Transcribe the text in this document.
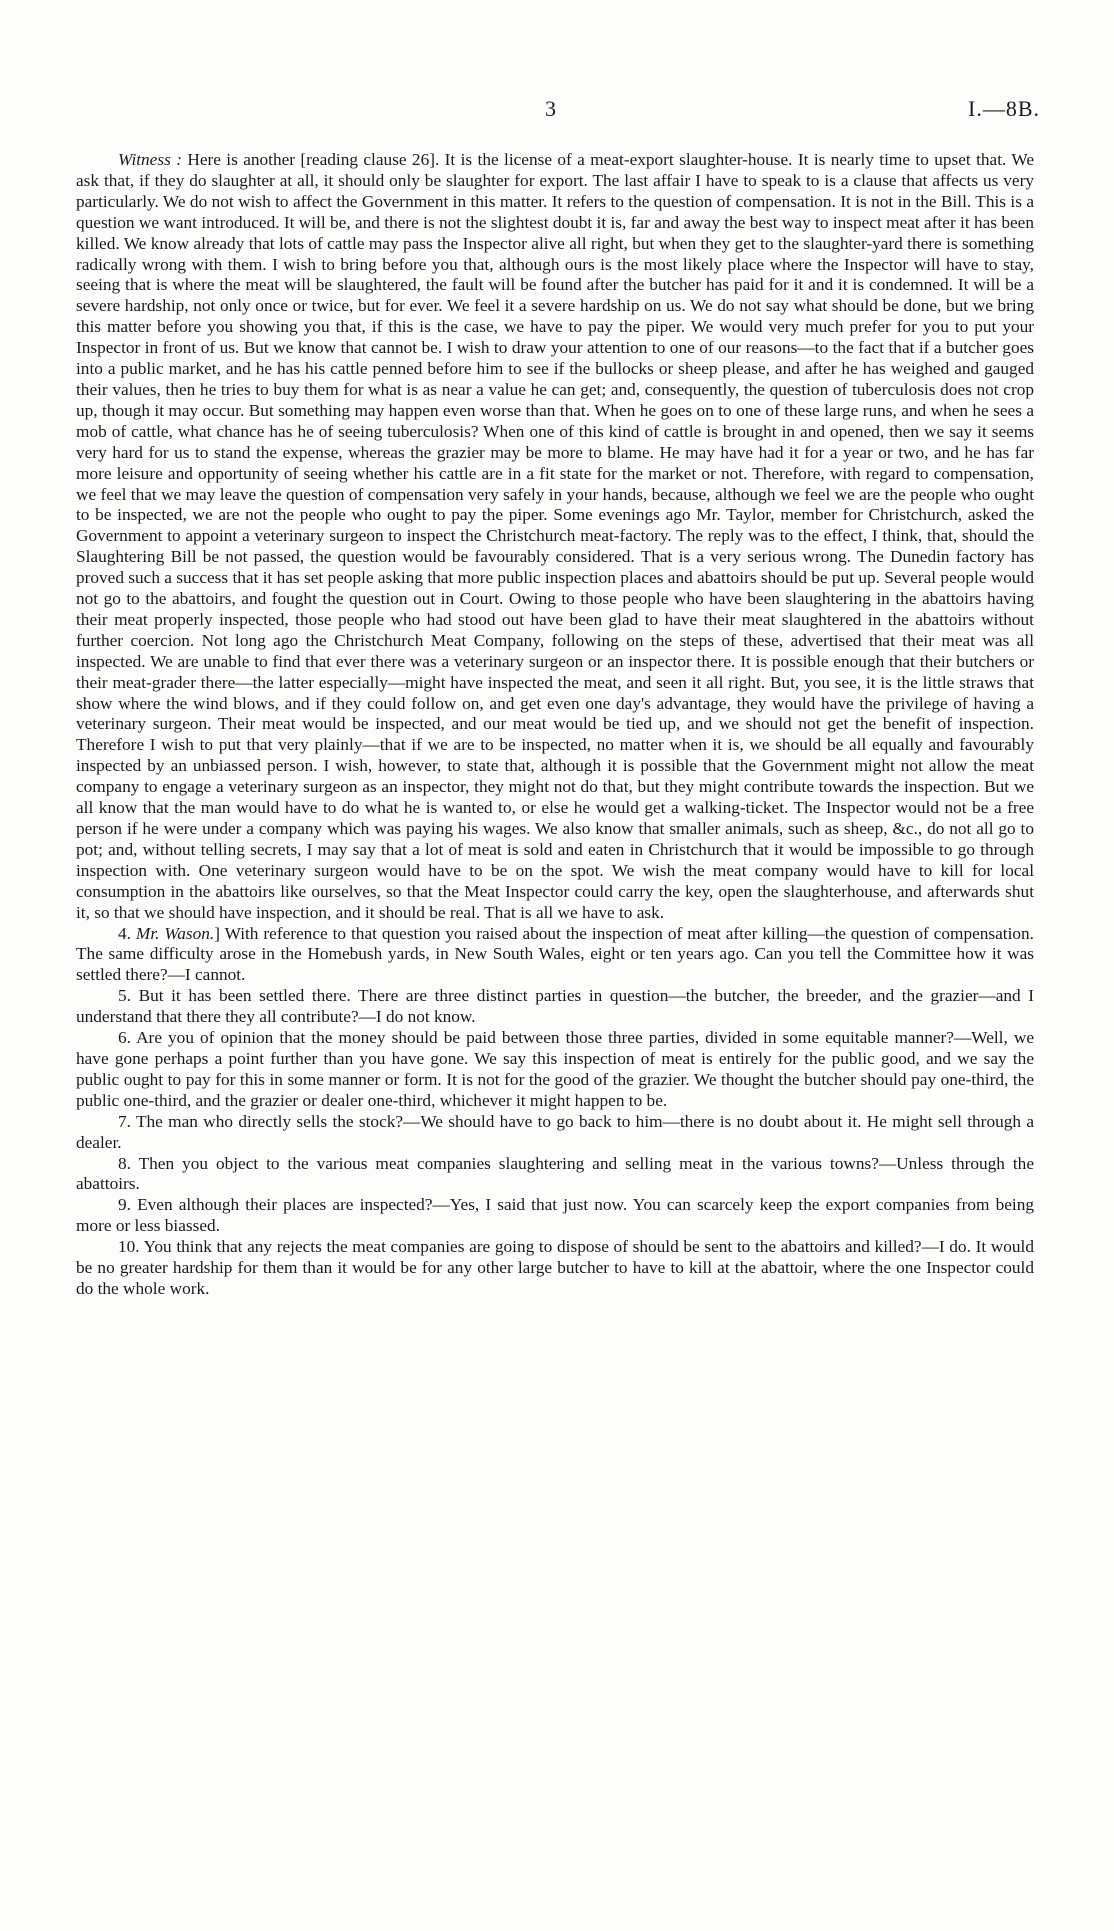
3	I.—8B.

Witness : Here is another [reading clause 26]. It is the license of a meat-export slaughter-house. It is nearly time to upset that. We ask that, if they do slaughter at all, it should only be slaughter for export. The last affair I have to speak to is a clause that affects us very particularly. We do not wish to affect the Government in this matter. It refers to the question of compensation. It is not in the Bill. This is a question we want introduced. It will be, and there is not the slightest doubt it is, far and away the best way to inspect meat after it has been killed. We know already that lots of cattle may pass the Inspector alive all right, but when they get to the slaughter-yard there is something radically wrong with them. I wish to bring before you that, although ours is the most likely place where the Inspector will have to stay, seeing that is where the meat will be slaughtered, the fault will be found after the butcher has paid for it and it is condemned. It will be a severe hardship, not only once or twice, but for ever. We feel it a severe hardship on us. We do not say what should be done, but we bring this matter before you showing you that, if this is the case, we have to pay the piper. We would very much prefer for you to put your Inspector in front of us. But we know that cannot be. I wish to draw your attention to one of our reasons—to the fact that if a butcher goes into a public market, and he has his cattle penned before him to see if the bullocks or sheep please, and after he has weighed and gauged their values, then he tries to buy them for what is as near a value he can get; and, consequently, the question of tuberculosis does not crop up, though it may occur. But something may happen even worse than that. When he goes on to one of these large runs, and when he sees a mob of cattle, what chance has he of seeing tuberculosis? When one of this kind of cattle is brought in and opened, then we say it seems very hard for us to stand the expense, whereas the grazier may be more to blame. He may have had it for a year or two, and he has far more leisure and opportunity of seeing whether his cattle are in a fit state for the market or not. Therefore, with regard to compensation, we feel that we may leave the question of compensation very safely in your hands, because, although we feel we are the people who ought to be inspected, we are not the people who ought to pay the piper. Some evenings ago Mr. Taylor, member for Christchurch, asked the Government to appoint a veterinary surgeon to inspect the Christchurch meat-factory. The reply was to the effect, I think, that, should the Slaughtering Bill be not passed, the question would be favourably considered. That is a very serious wrong. The Dunedin factory has proved such a success that it has set people asking that more public inspection places and abattoirs should be put up. Several people would not go to the abattoirs, and fought the question out in Court. Owing to those people who have been slaughtering in the abattoirs having their meat properly inspected, those people who had stood out have been glad to have their meat slaughtered in the abattoirs without further coercion. Not long ago the Christchurch Meat Company, following on the steps of these, advertised that their meat was all inspected. We are unable to find that ever there was a veterinary surgeon or an inspector there. It is possible enough that their butchers or their meat-grader there—the latter especially—might have inspected the meat, and seen it all right. But, you see, it is the little straws that show where the wind blows, and if they could follow on, and get even one day's advantage, they would have the privilege of having a veterinary surgeon. Their meat would be inspected, and our meat would be tied up, and we should not get the benefit of inspection. Therefore I wish to put that very plainly—that if we are to be inspected, no matter when it is, we should be all equally and favourably inspected by an unbiassed person. I wish, however, to state that, although it is possible that the Government might not allow the meat company to engage a veterinary surgeon as an inspector, they might not do that, but they might contribute towards the inspection. But we all know that the man would have to do what he is wanted to, or else he would get a walking-ticket. The Inspector would not be a free person if he were under a company which was paying his wages. We also know that smaller animals, such as sheep, &c., do not all go to pot; and, without telling secrets, I may say that a lot of meat is sold and eaten in Christchurch that it would be impossible to go through inspection with. One veterinary surgeon would have to be on the spot. We wish the meat company would have to kill for local consumption in the abattoirs like ourselves, so that the Meat Inspector could carry the key, open the slaughterhouse, and afterwards shut it, so that we should have inspection, and it should be real. That is all we have to ask.

4. Mr. Wason.] With reference to that question you raised about the inspection of meat after killing—the question of compensation. The same difficulty arose in the Homebush yards, in New South Wales, eight or ten years ago. Can you tell the Committee how it was settled there?—I cannot.

5. But it has been settled there. There are three distinct parties in question—the butcher, the breeder, and the grazier—and I understand that there they all contribute?—I do not know.

6. Are you of opinion that the money should be paid between those three parties, divided in some equitable manner?—Well, we have gone perhaps a point further than you have gone. We say this inspection of meat is entirely for the public good, and we say the public ought to pay for this in some manner or form. It is not for the good of the grazier. We thought the butcher should pay one-third, the public one-third, and the grazier or dealer one-third, whichever it might happen to be.

7. The man who directly sells the stock?—We should have to go back to him—there is no doubt about it. He might sell through a dealer.

8. Then you object to the various meat companies slaughtering and selling meat in the various towns?—Unless through the abattoirs.

9. Even although their places are inspected?—Yes, I said that just now. You can scarcely keep the export companies from being more or less biassed.

10. You think that any rejects the meat companies are going to dispose of should be sent to the abattoirs and killed?—I do. It would be no greater hardship for them than it would be for any other large butcher to have to kill at the abattoir, where the one Inspector could do the whole work.
